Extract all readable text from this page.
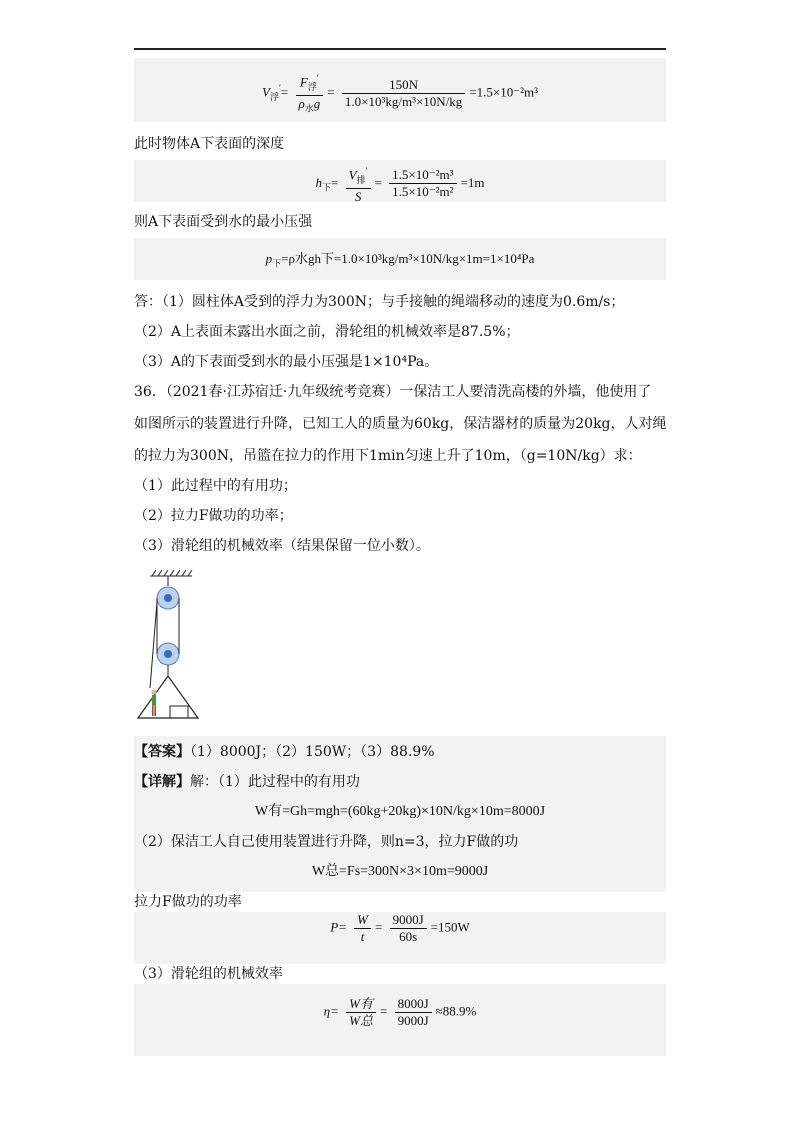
$V_浮'= \frac{F_浮'}{\rho_水g} = \frac{150N}{\text{1.0×10³kg/m³×10N/kg}} =1.5\times 10^{-2}m^3$
此时物体A下表面的深度
$h_下= \frac{V_排'}{S} = \frac{\text{1.5×10⁻²m³}}{\text{1.5×10⁻²m²}} =1m$
则A下表面受到水的最小压强
$p_下=\rho$水gh下=1.0×10³kg/m³×10N/kg×1m=1×10⁴Pa
答：（1）圆柱体A受到的浮力为300N；与手接触的绳端移动的速度为0.6m/s；
（2）A上表面未露出水面之前，滑轮组的机械效率是87.5%；
（3）A的下表面受到水的最小压强是1×10⁴Pa。
36．（2021春·江苏宿迁·九年级统考竞赛）一保洁工人要清洗高楼的外墙，他使用了
如图所示的装置进行升降，已知工人的质量为60kg，保洁器材的质量为20kg，人对绳
的拉力为300N，吊篮在拉力的作用下1min匀速上升了10m，（g=10N/kg）求：
（1）此过程中的有用功；
（2）拉力F做功的功率；
（3）滑轮组的机械效率（结果保留一位小数）。
【答案】（1）8000J；（2）150W；（3）88.9%
【详解】解：（1）此过程中的有用功
W有=Gh=mgh=(60kg+20kg)×10N/kg×10m=8000J
（2）保洁工人自己使用装置进行升降，则n=3，拉力F做的功
W总=Fs=300N×3×10m=9000J
拉力F做功的功率
$P= \frac{W}{t} = \frac{9000J}{60s} =150W$
（3）滑轮组的机械效率
$\eta= \frac{\text{W有}}{\text{W总}} = \frac{8000J}{9000J} \approx 88.9\%$
